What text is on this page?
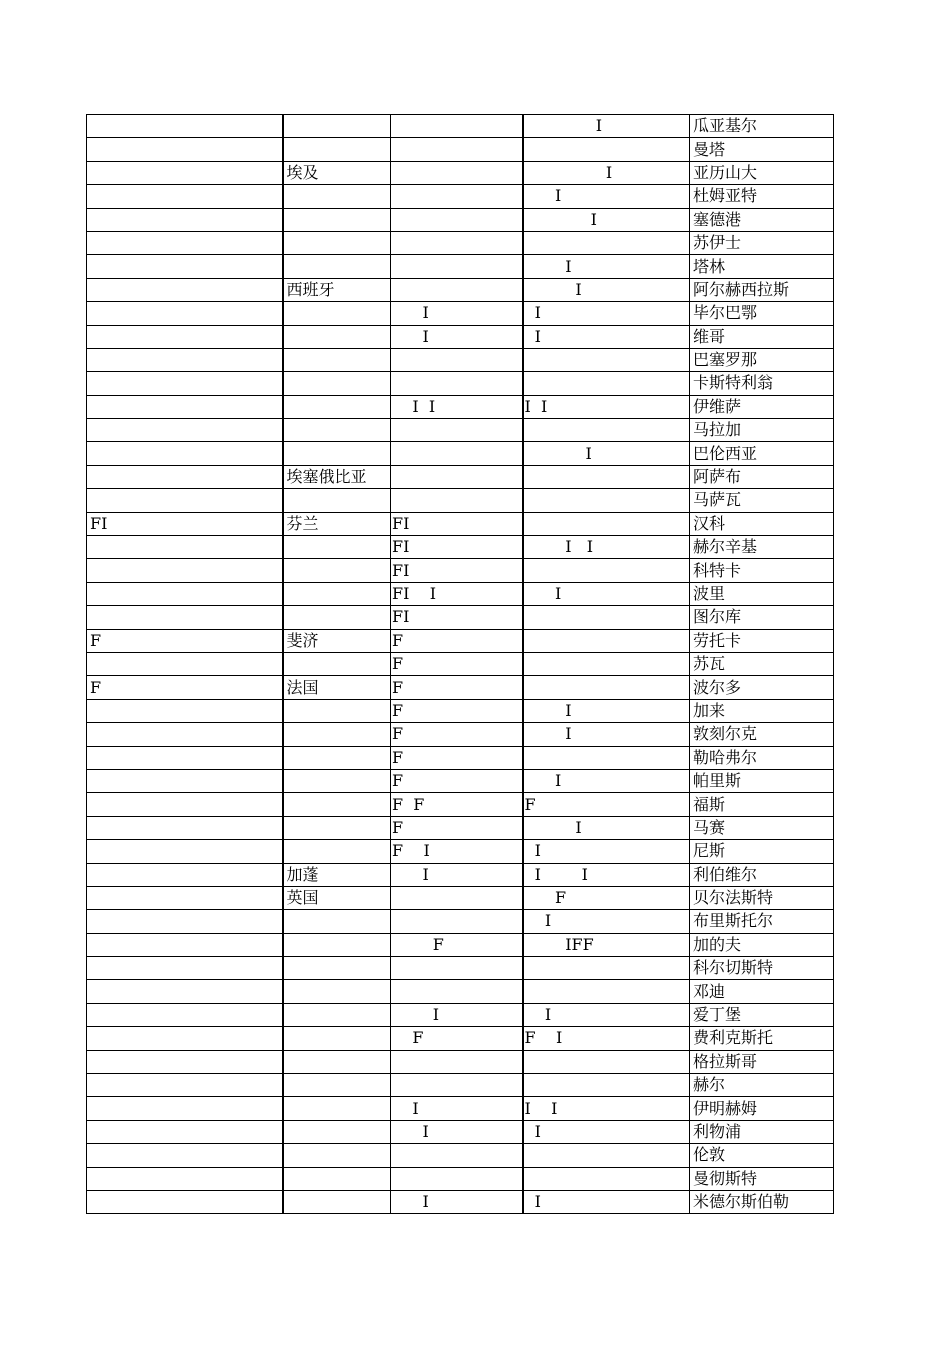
			I	瓜亚基尔
				曼塔
	埃及		I	亚历山大
			I	杜姆亚特
			I	塞德港
				苏伊士
			I	塔林
	西班牙		I	阿尔赫西拉斯
		I	I	毕尔巴鄂
		I	I	维哥
				巴塞罗那
				卡斯特利翁
		I  I	I  I	伊维萨
				马拉加
			I	巴伦西亚
	埃塞俄比亚			阿萨布
				马萨瓦
FI	芬兰	FI		汉科
		FI	I   I	赫尔辛基
		FI		科特卡
		FI    I	I	波里
		FI		图尔库
F	斐济	F		劳托卡
		F		苏瓦
F	法国	F		波尔多
		F	I	加来
		F	I	敦刻尔克
		F		勒哈弗尔
		F	I	帕里斯
		F  F	F	福斯
		F	I	马赛
		F    I	I	尼斯
	加蓬	I	I        I	利伯维尔
	英国		F	贝尔法斯特
			I	布里斯托尔
		F	IFF	加的夫
				科尔切斯特
				邓迪
		I	I	爱丁堡
		F	F    I	费利克斯托
				格拉斯哥
				赫尔
		I	I    I	伊明赫姆
		I	I	利物浦
				伦敦
				曼彻斯特
		I	I	米德尔斯伯勒
